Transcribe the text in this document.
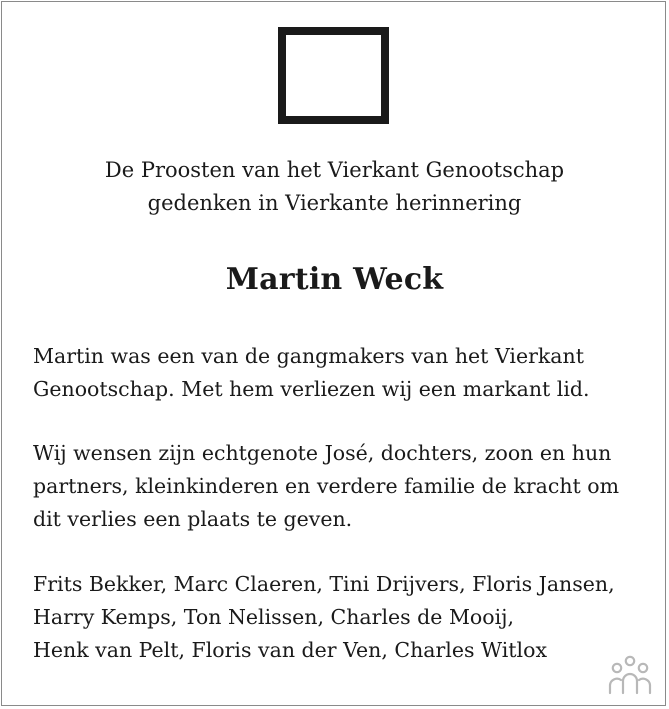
De Proosten van het Vierkant Genootschap
gedenken in Vierkante herinnering
Martin Weck
Martin was een van de gangmakers van het Vierkant
Genootschap. Met hem verliezen wij een markant lid.
Wij wensen zijn echtgenote José, dochters, zoon en hun
partners, kleinkinderen en verdere familie de kracht om
dit verlies een plaats te geven.
Frits Bekker, Marc Claeren, Tini Drijvers, Floris Jansen,
Harry Kemps, Ton Nelissen, Charles de Mooij,
Henk van Pelt, Floris van der Ven, Charles Witlox
